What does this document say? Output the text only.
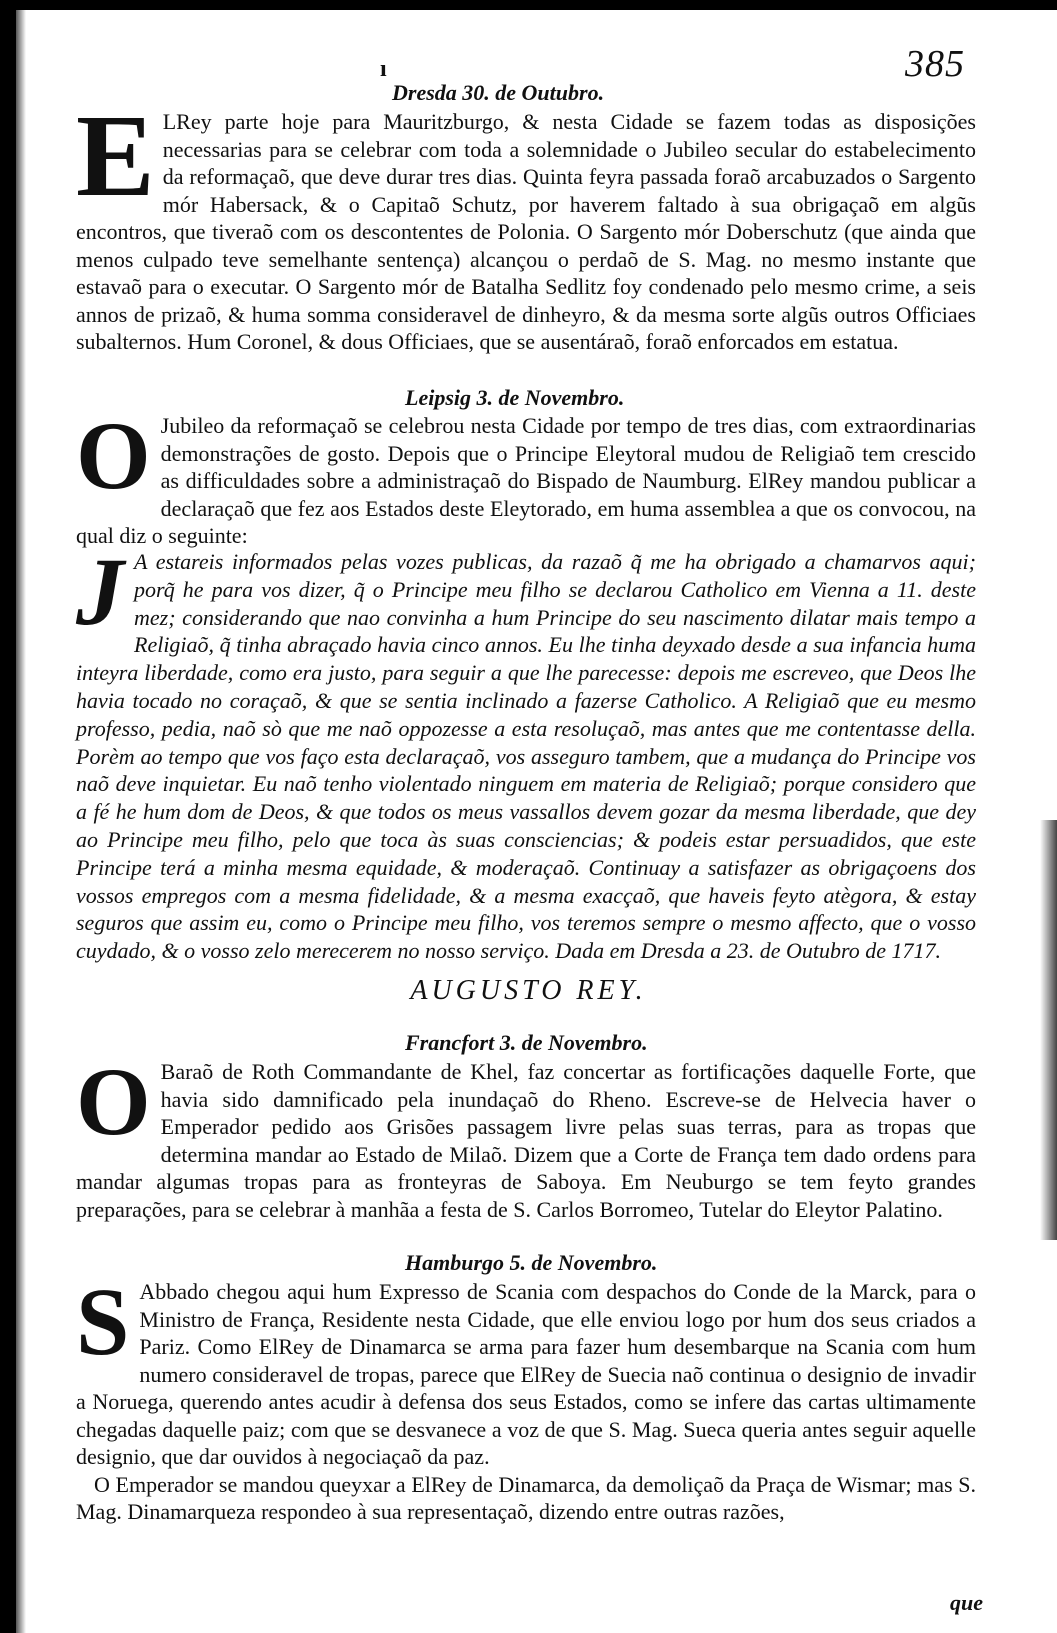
ı	385
Dresda 30. de Outubro.
E LRey parte hoje para Mauritzburgo, & nesta Cidade se fazem todas as disposições necessarias para se celebrar com toda a solemnidade o Jubileo secular do estabelecimento da reformaçaõ, que deve durar tres dias. Quinta feyra passada foraõ arcabuzados o Sargento mór Habersack, & o Capitaõ Schutz, por haverem faltado à sua obrigaçaõ em algũs encontros, que tiveraõ com os descontentes de Polonia. O Sargento mór Doberschutz (que ainda que menos culpado teve semelhante sentença) alcançou o perdaõ de S. Mag. no mesmo instante que estavaõ para o executar. O Sargento mór de Batalha Sedlitz foy condenado pelo mesmo crime, a seis annos de prizaõ, & huma somma consideravel de dinheyro, & da mesma sorte algũs outros Officiaes subalternos. Hum Coronel, & dous Officiaes, que se ausentáraõ, foraõ enforcados em estatua.

Leipsig 3. de Novembro.
O Jubileo da reformaçaõ se celebrou nesta Cidade por tempo de tres dias, com extraordinarias demonstrações de gosto. Depois que o Principe Eleytoral mudou de Religiaõ tem crescido as difficuldades sobre a administraçaõ do Bispado de Naumburg. ElRey mandou publicar a declaraçaõ que fez aos Estados deste Eleytorado, em huma assemblea a que os convocou, na qual diz o seguinte:

J A estareis informados pelas vozes publicas, da razaõ q̃ me ha obrigado a chamarvos aqui; porq̃ he para vos dizer, q̃ o Principe meu filho se declarou Catholico em Vienna a 11. deste mez; considerando que nao convinha a hum Principe do seu nascimento dilatar mais tempo a Religiaõ, q̃ tinha abraçado havia cinco annos. Eu lhe tinha deyxado desde a sua infancia huma inteyra liberdade, como era justo, para seguir a que lhe parecesse: depois me escreveo, que Deos lhe havia tocado no coraçaõ, & que se sentia inclinado a fazerse Catholico. A Religiaõ que eu mesmo professo, pedia, naõ sò que me naõ oppozesse a esta resoluçaõ, mas antes que me contentasse della. Porèm ao tempo que vos faço esta declaraçaõ, vos asseguro tambem, que a mudança do Principe vos naõ deve inquietar. Eu naõ tenho violentado ninguem em materia de Religiaõ; porque considero que a fé he hum dom de Deos, & que todos os meus vassallos devem gozar da mesma liberdade, que dey ao Principe meu filho, pelo que toca às suas consciencias; & podeis estar persuadidos, que este Principe terá a minha mesma equidade, & moderaçaõ. Continuay a satisfazer as obrigaçoens dos vossos empregos com a mesma fidelidade, & a mesma exacçaõ, que haveis feyto atègora, & estay seguros que assim eu, como o Principe meu filho, vos teremos sempre o mesmo affecto, que o vosso cuydado, & o vosso zelo merecerem no nosso serviço. Dada em Dresda a 23. de Outubro de 1717.

AUGUSTO REY.
Francfort 3. de Novembro.
O Baraõ de Roth Commandante de Khel, faz concertar as fortificações daquelle Forte, que havia sido damnificado pela inundaçaõ do Rheno. Escreve-se de Helvecia haver o Emperador pedido aos Grisões passagem livre pelas suas terras, para as tropas que determina mandar ao Estado de Milaõ. Dizem que a Corte de França tem dado ordens para mandar algumas tropas para as fronteyras de Saboya. Em Neuburgo se tem feyto grandes preparações, para se celebrar à manhãa a festa de S. Carlos Borromeo, Tutelar do Eleytor Palatino.

Hamburgo 5. de Novembro.
S Abbado chegou aqui hum Expresso de Scania com despachos do Conde de la Marck, para o Ministro de França, Residente nesta Cidade, que elle enviou logo por hum dos seus criados a Pariz. Como ElRey de Dinamarca se arma para fazer hum desembarque na Scania com hum numero consideravel de tropas, parece que ElRey de Suecia naõ continua o designio de invadir a Noruega, querendo antes acudir à defensa dos seus Estados, como se infere das cartas ultimamente chegadas daquelle paiz; com que se desvanece a voz de que S. Mag. Sueca queria antes seguir aquelle designio, que dar ouvidos à negociaçaõ da paz.

O Emperador se mandou queyxar a ElRey de Dinamarca, da demoliçaõ da Praça de Wismar; mas S. Mag. Dinamarqueza respondeo à sua representaçaõ, dizendo entre outras razões,

que
